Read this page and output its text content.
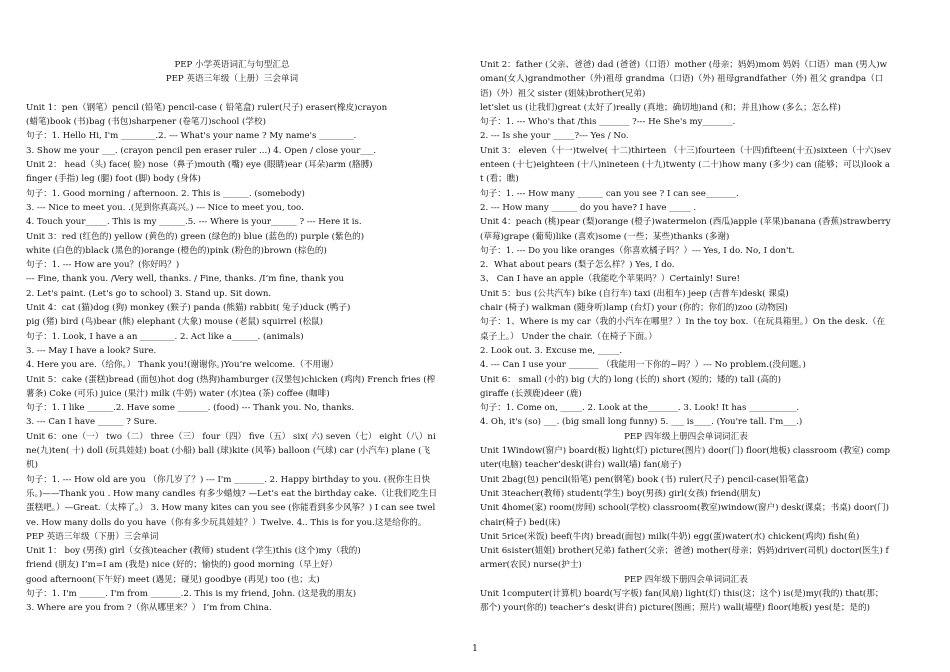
PEP 小学英语词汇与句型汇总

PEP 英语三年级（上册）三会单词

Unit 1：pen（钢笔）pencil (铅笔) pencil-case ( 铅笔盒) ruler(尺子) eraser(橡皮)crayon

(蜡笔)book (书)bag (书包)sharpener (卷笔刀)school (学校)

句子：1. Hello Hi, I'm ________.2. --- What's your name ? My name's ________.

3. Show me your ___. (crayon pencil pen eraser ruler ...) 4. Open / close your___.

Unit 2： head（头) face( 脸) nose（鼻子)mouth (嘴) eye (眼睛)ear (耳朵)arm (胳膊)

finger (手指) leg (腿) foot (脚) body (身体)

句子：1. Good morning / afternoon. 2. This is ______. (somebody)

3. --- Nice to meet you. .(见到你真高兴。) --- Nice to meet you, too.

4. Touch your_____. This is my ______.5. --- Where is your______ ? --- Here it is.

Unit 3：red (红色的) yellow (黄色的) green (绿色的) blue (蓝色的) purple (紫色的)

white (白色的)black (黑色的)orange (橙色的)pink (粉色的)brown (棕色的)

句子：1. --- How are you？(你好吗？)

--- Fine, thank you. /Very well, thanks. / Fine, thanks. /I’m fine, thank you

2. Let's paint. (Let's go to school) 3. Stand up. Sit down.

Unit 4：cat (猫)dog (狗) monkey (猴子) panda (熊猫) rabbit( 兔子)duck (鸭子)

pig (猪) bird (鸟)bear (熊) elephant (大象) mouse (老鼠) squirrel (松鼠)

句子：1. Look, I have a an ________. 2. Act like a______. (animals)

3. --- May I have a look? Sure.

4. Here you are.（给你。） Thank you!(谢谢你。)You’re welcome.（不用谢）

Unit 5：cake (蛋糕)bread (面包)hot dog (热狗)hamburger (汉堡包)chicken (鸡肉) French fries (榨薯条) Coke (可乐) juice (果汁) milk (牛奶) water (水)tea (茶) coffee (咖啡)

句子：1. I like ______.2. Have some _______. (food) --- Thank you. No, thanks.

3. --- Can I have ______ ? Sure.

Unit 6：one（一） two（二） three（三） four（四） five（五） six( 六) seven（七） eight（八）nine(九)ten( 十) doll (玩具娃娃) boat (小船) ball (球)kite (风筝) balloon (气球) car (小汽车) plane (飞机)

句子：1. --- How old are you （你几岁了？) --- I'm _______. 2. Happy birthday to you. (祝你生日快乐。)——Thank you . How many candles 有多少蜡烛? —Let’s eat the birthday cake.（让我们吃生日蛋糕吧。）—Great.（太棒了。） 3. How many kites can you see (你能看到多少风筝？) I can see twelve. How many dolls do you have（你有多少玩具娃娃？）Twelve. 4.. This is for you.这是给你的。

PEP 英语三年级（下册）三会单词

Unit 1： boy (男孩) girl（女孩)teacher (教师) student (学生)this (这个)my（我的)

friend (朋友) I’m=I am (我是) nice (好的；愉快的) good morning（早上好）

good afternoon(下午好) meet (遇见；碰见) goodbye (再见) too (也；太)

句子：1. I'm ______. I'm from _______.2. This is my friend, John. (这是我的朋友)

3. Where are you from ?（你从哪里来？） I’m from China.

Unit 2：father (父亲、爸爸) dad (爸爸)（口语）mother (母亲；妈妈)mom 妈妈（口语）man (男人)woman(女人)grandmother（外)祖母 grandma（口语)（外) 祖母grandfather（外) 祖父 grandpa（口语)（外）祖父 sister (姐妹)brother(兄弟)

let’slet us (让我们)great (太好了)really (真地；确切地)and (和；并且)how (多么；怎么样)

句子：1. --- Who's that /this _______ ?--- He She's my_______.

2. --- Is she your _____?--- Yes / No.

Unit 3： eleven（十一)twelve( 十二)thirteen （十三)fourteen（十四)fifteen(十五)sixteen（十六)seventeen (十七)eighteen (十八)nineteen (十九)twenty (二十)how many (多少) can (能够；可以)look at (看；瞧)

句子：1. --- How many ______ can you see ? I can see_______.

2. --- How many ______ do you have? I have _____ .

Unit 4：peach (桃)pear (梨)orange (橙子)watermelon (西瓜)apple (苹果)banana (香蕉)strawberry (草莓)grape (葡萄)like (喜欢)some (一些；某些)thanks (多谢)

句子：1. --- Do you like oranges（你喜欢橘子吗？）--- Yes, I do. No, I don't.

2．What about pears (梨子怎么样？) Yes, I do.

3、 Can I have an apple（我能吃个苹果吗？）Certainly! Sure!

Unit 5：bus (公共汽车) bike (自行车) taxi (出租车) jeep (吉普车)desk( 课桌)

chair (椅子) walkman (随身听)lamp (台灯) your (你的；你们的)zoo (动物园)

句子：1、Where is my car（我的小汽车在哪里？）In the toy box.（在玩具箱里。）On the desk.（在桌子上。） Under the chair.（在椅子下面。）

2. Look out. 3. Excuse me, _____.

4. --- Can I use your _______ （我能用一下你的~吗？）--- No problem.(没问题。)

Unit 6： small (小的) big (大的) long (长的) short (短的；矮的) tall (高的)

giraffe (长颈鹿)deer (鹿)

句子：1. Come on, _____. 2. Look at the_______. 3. Look! It has ___________.

4. Oh, it's (so) ___. (big small long funny) 5. ___ is____. (You're tall. I'm___.)

PEP 四年级上册四会单词词汇表

Unit 1Window(窗户) board(板) light(灯) picture(图片) door(门) floor(地板) classroom (教室) computer(电脑) teacher’desk(讲台) wall(墙) fan(扇子)

Unit 2bag(包) pencil(铅笔) pen(钢笔) book (书) ruler(尺子) pencil-case(铅笔盒)

Unit 3teacher(教师) student(学生) boy(男孩) girl(女孩) friend(朋友)

Unit 4home(家) room(房间) school(学校) classroom(教室)window(窗户) desk(课桌；书桌) door(门) chair(椅子) bed(床)

Unit 5rice(米饭) beef(牛肉) bread(面包) milk(牛奶) egg(蛋)water(水) chicken(鸡肉) fish(鱼)

Unit 6sister(姐姐) brother(兄弟) father(父亲；爸爸) mother(母亲；妈妈)driver(司机) doctor(医生) farmer(农民) nurse(护士)

PEP 四年级下册四会单词词汇表

Unit 1computer(计算机) board(写字板) fan(风扇) light(灯) this(这；这个) is(是)my(我的) that(那；那个) your(你的) teacher’s desk(讲台) picture(图画；照片) wall(墙壁) floor(地板) yes(是；是的)

1
